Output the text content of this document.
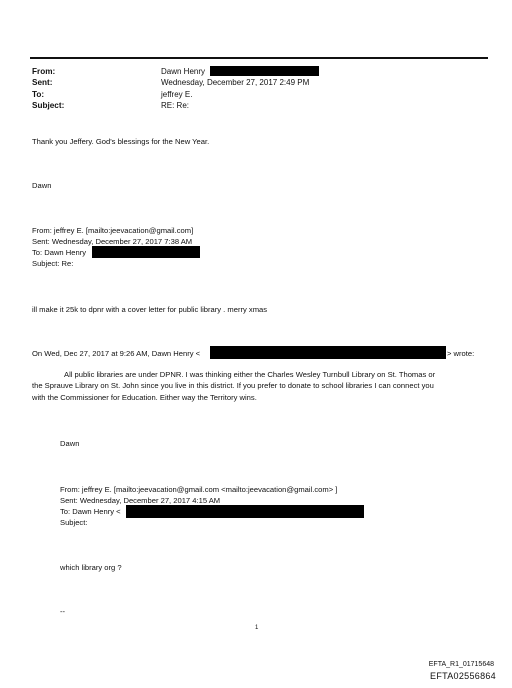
From:
Sent:
To:
Subject:
Dawn Henry
Wednesday, December 27, 2017 2:49 PM
jeffrey E.
RE: Re:
Thank you Jeffery. God's blessings for the New Year.
Dawn
From: jeffrey E. [mailto:jeevacation@gmail.com]
Sent: Wednesday, December 27, 2017 7:38 AM
To: Dawn Henry
Subject: Re:
ill make it 25k to dpnr with a cover letter for public library . merry xmas
On Wed, Dec 27, 2017 at 9:26 AM, Dawn Henry <	> wrote:
All public libraries are under DPNR. I was thinking either the Charles Wesley Turnbull Library on St. Thomas or
the Sprauve Library on St. John since you live in this district. If you prefer to donate to school libraries I can connect you
with the Commissioner for Education. Either way the Territory wins.
Dawn
From: jeffrey E. [mailto:jeevacation@gmail.com <mailto:jeevacation@gmail.com> ]
Sent: Wednesday, December 27, 2017 4:15 AM
To: Dawn Henry <
Subject:
which library org ?
--
1
EFTA_R1_01715648
EFTA02556864
